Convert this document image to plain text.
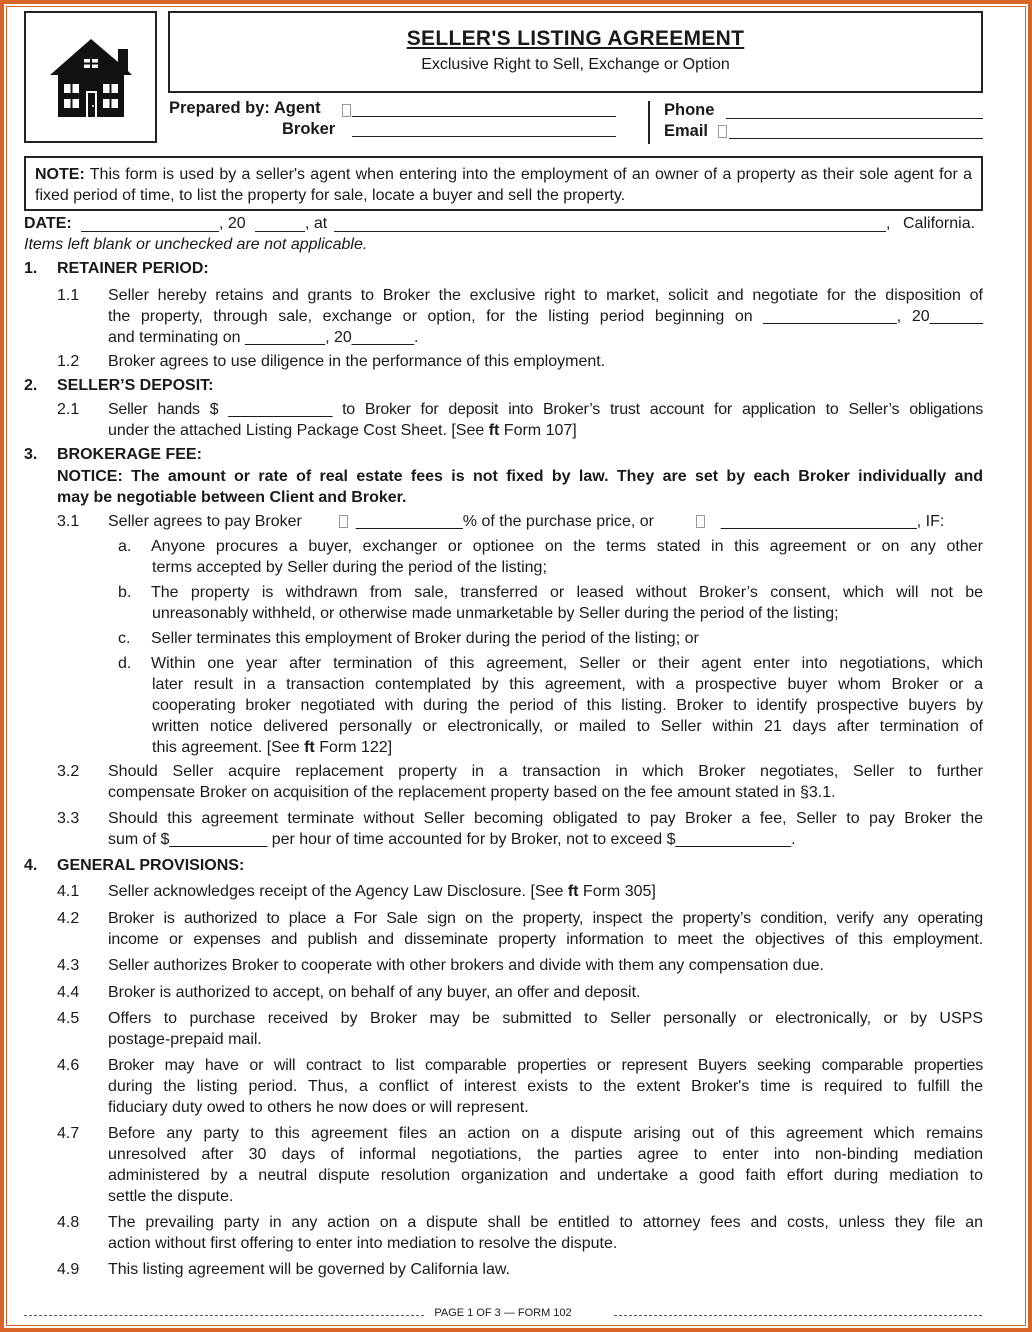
SELLER'S LISTING AGREEMENT
Exclusive Right to Sell, Exchange or Option
Prepared by: Agent
Broker
Phone
Email
NOTE: This form is used by a seller's agent when entering into the employment of an owner of a property as their sole agent for a fixed period of time, to list the property for sale, locate a buyer and sell the property.
DATE:	, 20	, at	, California.
Items left blank or unchecked are not applicable.
1. RETAINER PERIOD:
1.1 Seller hereby retains and grants to Broker the exclusive right to market, solicit and negotiate for the disposition of
the property, through sale, exchange or option, for the listing period beginning on _______________, 20______
and terminating on _________, 20_______.
1.2 Broker agrees to use diligence in the performance of this employment.
2. SELLER’S DEPOSIT:
2.1 Seller hands $ ____________ to Broker for deposit into Broker’s trust account for application to Seller’s obligations
under the attached Listing Package Cost Sheet. [See ft Form 107]
3. BROKERAGE FEE:
NOTICE: The amount or rate of real estate fees is not fixed by law. They are set by each Broker individually and
may be negotiable between Client and Broker.
3.1 Seller agrees to pay Broker	____________% of the purchase price, or	______________________, IF:
a. Anyone procures a buyer, exchanger or optionee on the terms stated in this agreement or on any other
terms accepted by Seller during the period of the listing;
b. The property is withdrawn from sale, transferred or leased without Broker’s consent, which will not be
unreasonably withheld, or otherwise made unmarketable by Seller during the period of the listing;
c. Seller terminates this employment of Broker during the period of the listing; or
d. Within one year after termination of this agreement, Seller or their agent enter into negotiations, which
later result in a transaction contemplated by this agreement, with a prospective buyer whom Broker or a
cooperating broker negotiated with during the period of this listing. Broker to identify prospective buyers by
written notice delivered personally or electronically, or mailed to Seller within 21 days after termination of
this agreement. [See ft Form 122]
3.2 Should Seller acquire replacement property in a transaction in which Broker negotiates, Seller to further
compensate Broker on acquisition of the replacement property based on the fee amount stated in §3.1.
3.3 Should this agreement terminate without Seller becoming obligated to pay Broker a fee, Seller to pay Broker the
sum of $___________ per hour of time accounted for by Broker, not to exceed $_____________.
4. GENERAL PROVISIONS:
4.1 Seller acknowledges receipt of the Agency Law Disclosure. [See ft Form 305]
4.2 Broker is authorized to place a For Sale sign on the property, inspect the property’s condition, verify any operating
income or expenses and publish and disseminate property information to meet the objectives of this employment.
4.3 Seller authorizes Broker to cooperate with other brokers and divide with them any compensation due.
4.4 Broker is authorized to accept, on behalf of any buyer, an offer and deposit.
4.5 Offers to purchase received by Broker may be submitted to Seller personally or electronically, or by USPS
postage-prepaid mail.
4.6 Broker may have or will contract to list comparable properties or represent Buyers seeking comparable properties
during the listing period. Thus, a conflict of interest exists to the extent Broker's time is required to fulfill the
fiduciary duty owed to others he now does or will represent.
4.7 Before any party to this agreement files an action on a dispute arising out of this agreement which remains
unresolved after 30 days of informal negotiations, the parties agree to enter into non-binding mediation
administered by a neutral dispute resolution organization and undertake a good faith effort during mediation to
settle the dispute.
4.8 The prevailing party in any action on a dispute shall be entitled to attorney fees and costs, unless they file an
action without first offering to enter into mediation to resolve the dispute.
4.9 This listing agreement will be governed by California law.
PAGE 1 OF 3 — FORM 102
